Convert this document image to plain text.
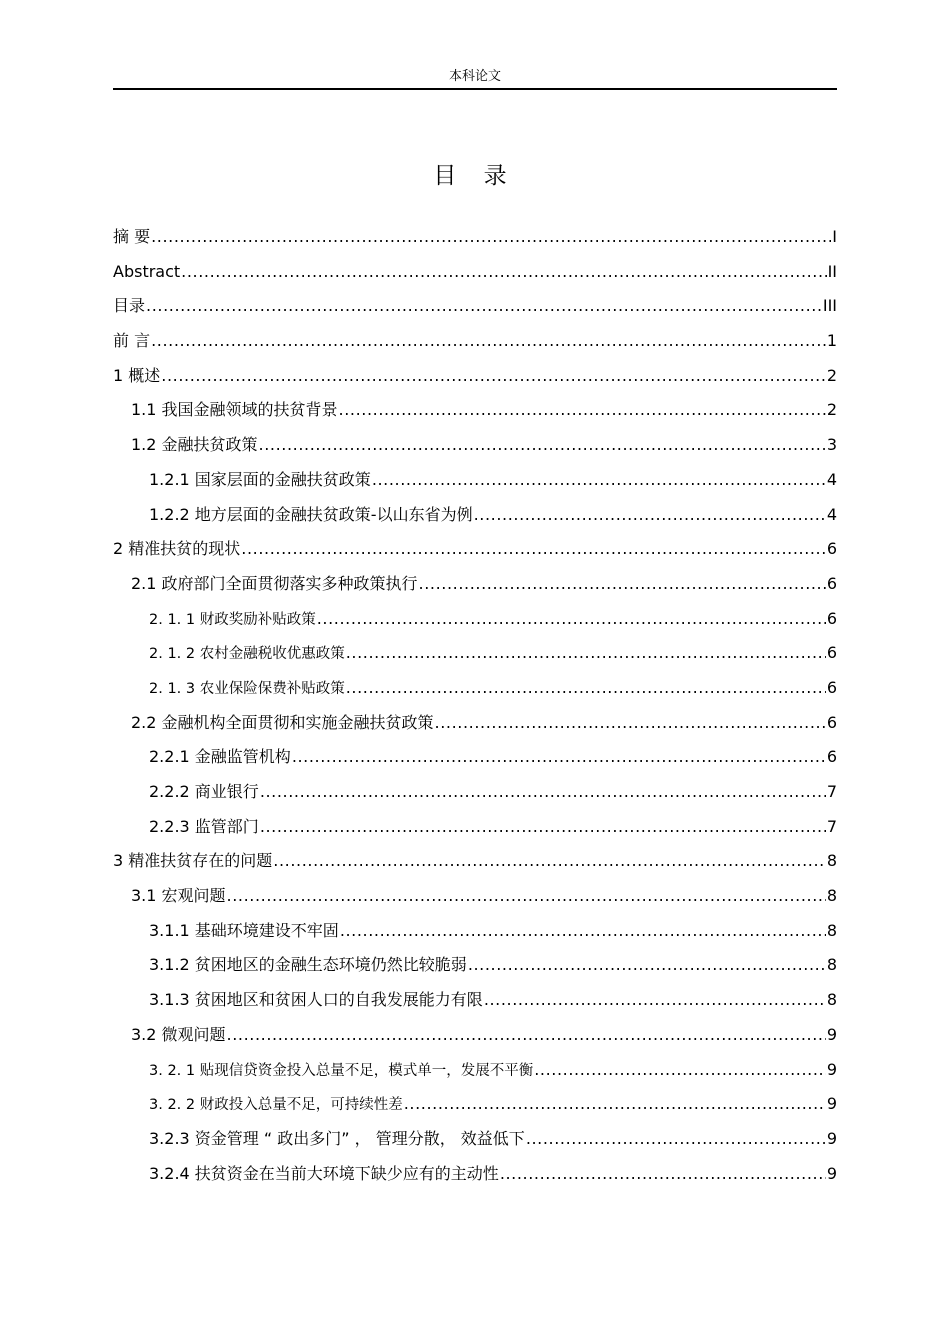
本科论文
目 录
摘 要 .....	I
Abstract .....	II
目录 .....	III
前 言 .....	1
1 概述 .....	2
1.1 我国金融领域的扶贫背景 .....	2
1.2 金融扶贫政策 .....	3
1.2.1 国家层面的金融扶贫政策 .....	4
1.2.2 地方层面的金融扶贫政策-以山东省为例 .....	4
2 精准扶贫的现状 .....	6
2.1 政府部门全面贯彻落实多种政策执行 .....	6
2. 1. 1 财政奖励补贴政策 .....	6
2. 1. 2 农村金融税收优惠政策 .....	6
2. 1. 3 农业保险保费补贴政策 .....	6
2.2 金融机构全面贯彻和实施金融扶贫政策 .....	6
2.2.1 金融监管机构 .....	6
2.2.2 商业银行 .....	7
2.2.3 监管部门 .....	7
3 精准扶贫存在的问题 .....	8
3.1 宏观问题 .....	8
3.1.1 基础环境建设不牢固 .....	8
3.1.2 贫困地区的金融生态环境仍然比较脆弱 .....	8
3.1.3 贫困地区和贫困人口的自我发展能力有限 .....	8
3.2 微观问题 .....	9
3. 2. 1 贴现信贷资金投入总量不足，模式单一，发展不平衡 .....	9
3. 2. 2 财政投入总量不足，可持续性差 .....	9
3.2.3 资金管理 “ 政出多门” ， 管理分散， 效益低下 .....	9
3.2.4 扶贫资金在当前大环境下缺少应有的主动性 .....	9
